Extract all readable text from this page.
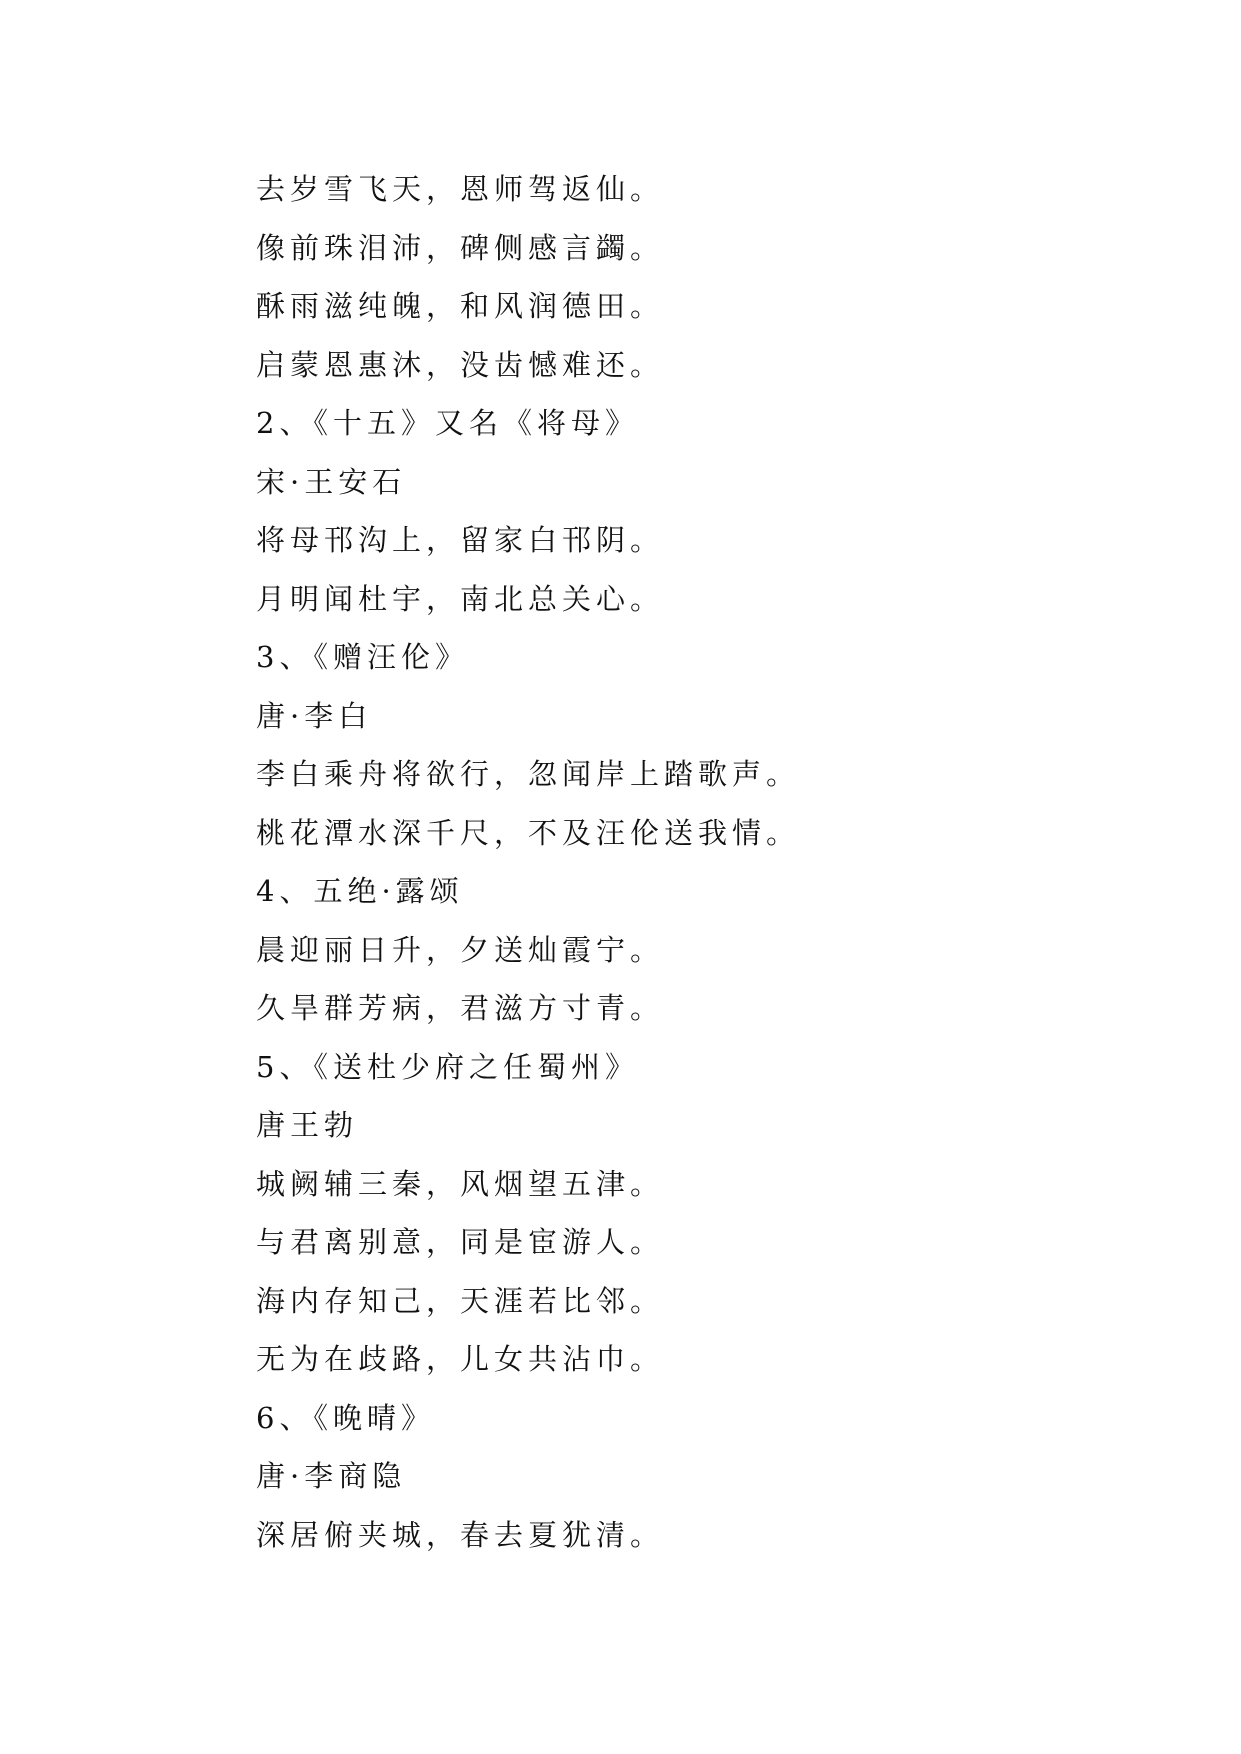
去岁雪飞天，恩师驾返仙。
像前珠泪沛，碑侧感言蠲。
酥雨滋纯魄，和风润德田。
启蒙恩惠沐，没齿憾难还。
2、《十五》又名《将母》
宋·王安石
将母邗沟上，留家白邗阴。
月明闻杜宇，南北总关心。
3、《赠汪伦》
唐·李白
李白乘舟将欲行，忽闻岸上踏歌声。
桃花潭水深千尺，不及汪伦送我情。
4、五绝·露颂
晨迎丽日升，夕送灿霞宁。
久旱群芳病，君滋方寸青。
5、《送杜少府之任蜀州》
唐王勃
城阙辅三秦，风烟望五津。
与君离别意，同是宦游人。
海内存知己，天涯若比邻。
无为在歧路，儿女共沾巾。
6、《晚晴》
唐·李商隐
深居俯夹城，春去夏犹清。
